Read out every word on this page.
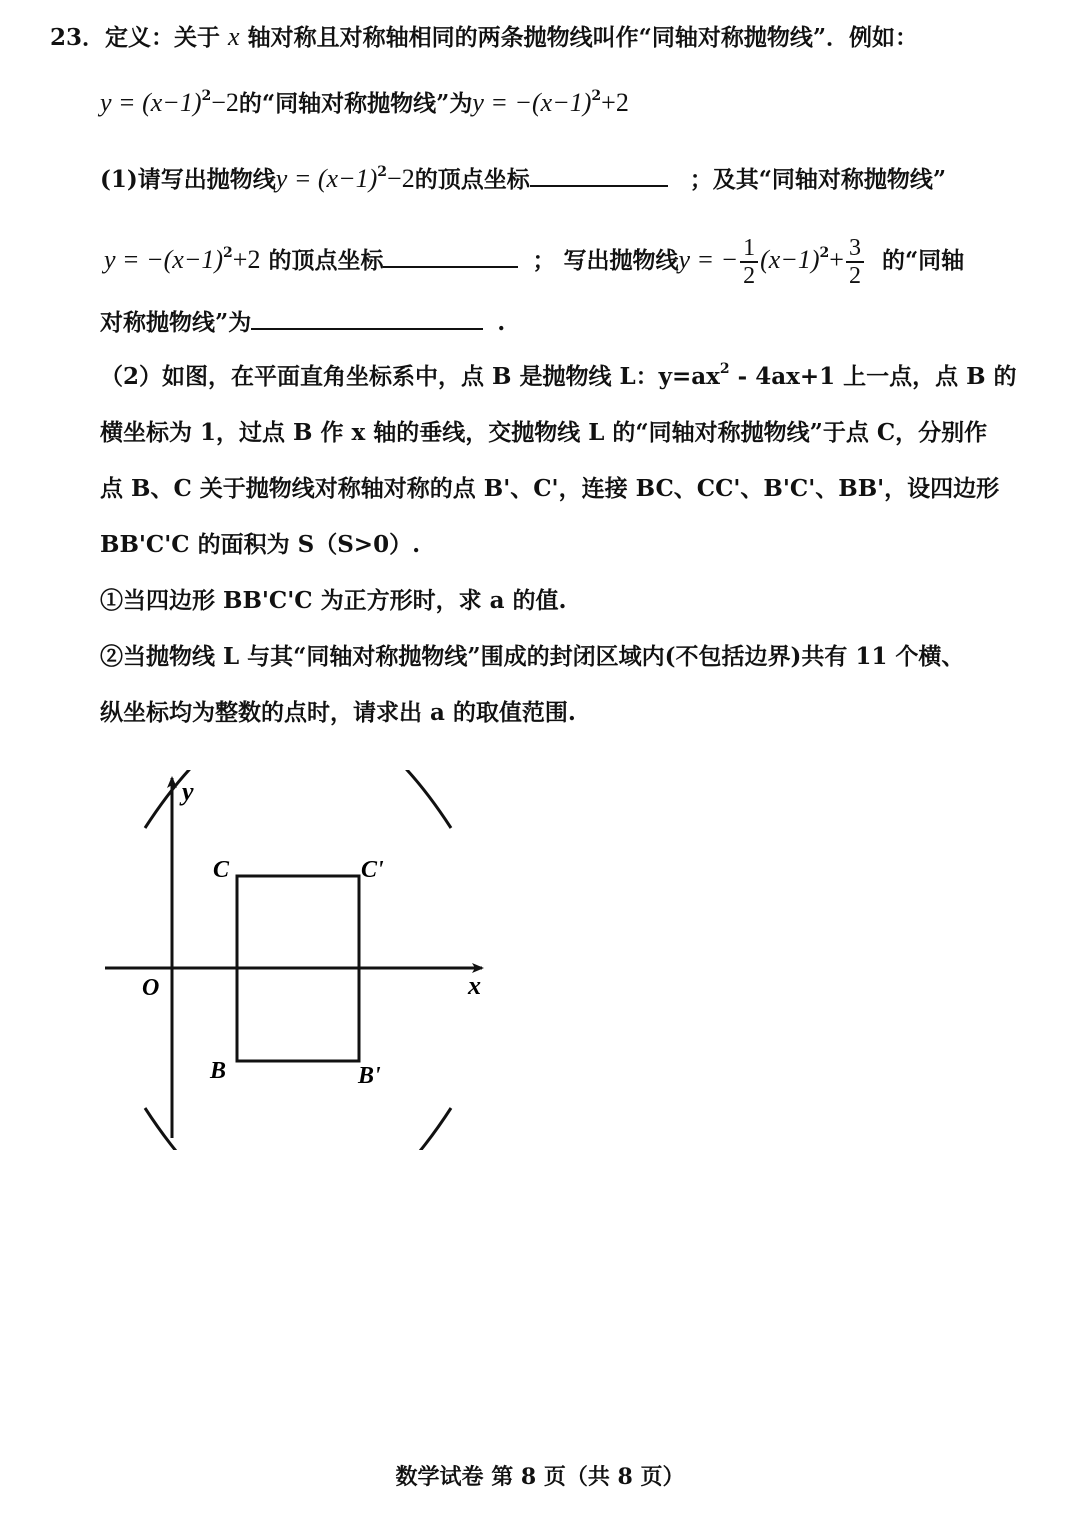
23．定义：关于 x 轴对称且对称轴相同的两条抛物线叫作“同轴对称抛物线”．例如：
$y = (x-1)^2-2$的“同轴对称抛物线”为$y = -(x-1)^2+2$
(1)请写出抛物线$y = (x-1)^2-2$的顶点坐标	；及其“同轴对称抛物线”
$y = -(x-1)^2+2$ 的顶点坐标	； 写出抛物线y = − $\frac{1}{2} (x-1)^2+ \frac{3}{2}$ 的“同轴
对称抛物线”为	.
（2）如图，在平面直角坐标系中，点 B 是抛物线 L：$y=ax^2 - 4ax+1$ 上一点，点 B 的
横坐标为 1，过点 B 作 x 轴的垂线，交抛物线 L 的“同轴对称抛物线”于点 C，分别作
点 B、C 关于抛物线对称轴对称的点 B'、C'，连接 BC、CC'、B'C'、BB'，设四边形
BB'C'C 的面积为 S（S>0）.
①当四边形 BB'C'C 为正方形时，求 a 的值.
②当抛物线 L 与其“同轴对称抛物线”围成的封闭区域内(不包括边界)共有 11 个横、
纵坐标均为整数的点时，请求出 a 的取值范围.
y
x
O
C	C'
B	B'
数学试卷 第 8 页（共 8 页）
